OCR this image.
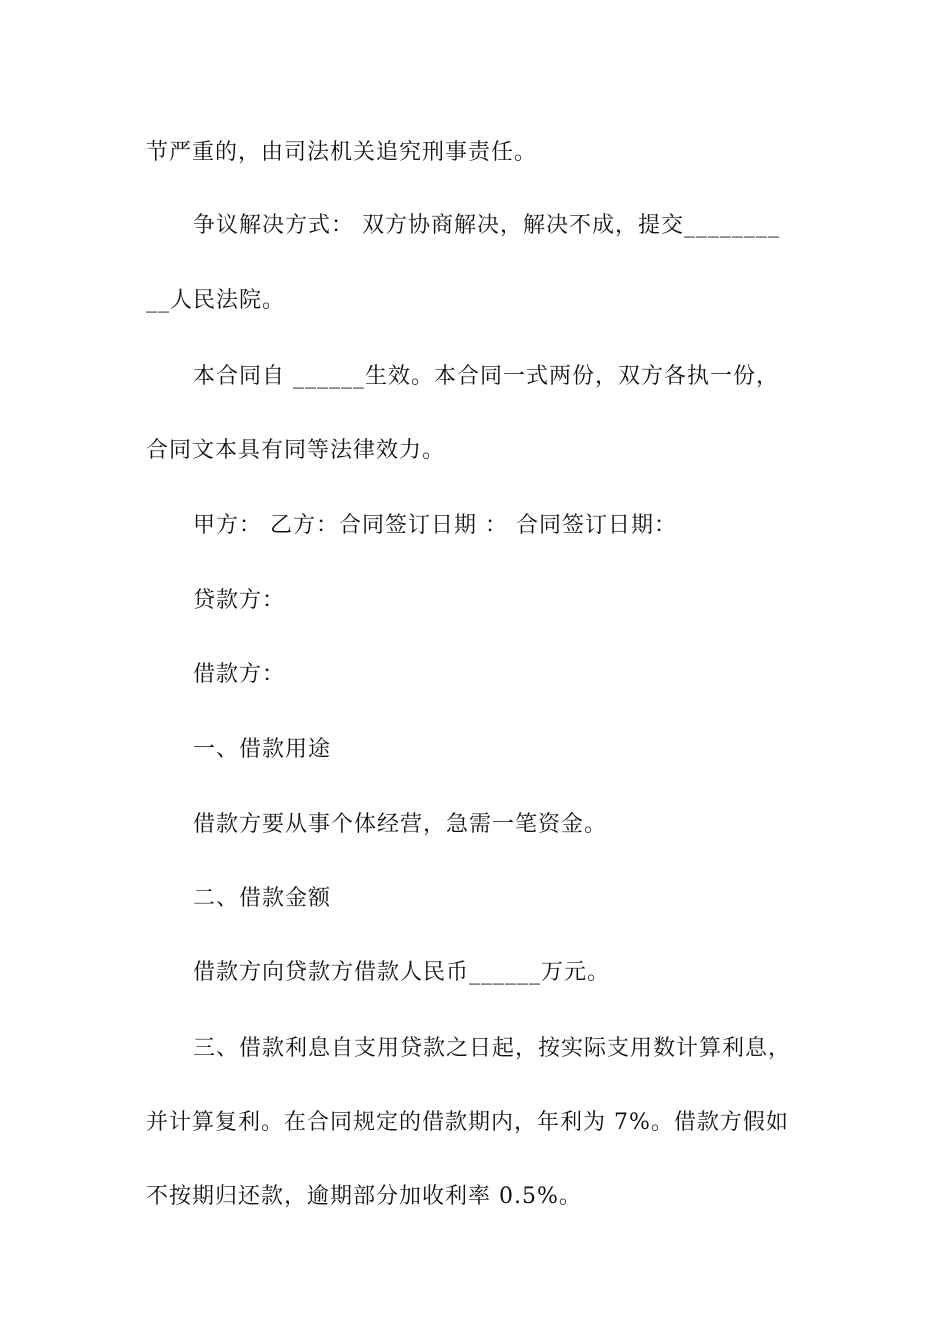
节严重的，由司法机关追究刑事责任。
争议解决方式： 双方协商解决，解决不成，提交________
__人民法院。
本合同自 ______生效。本合同一式两份，双方各执一份，
合同文本具有同等法律效力。
甲方： 乙方：合同签订日期 ： 合同签订日期：
贷款方：
借款方：
一、借款用途
借款方要从事个体经营，急需一笔资金。
二、借款金额
借款方向贷款方借款人民币______万元。
三、借款利息自支用贷款之日起，按实际支用数计算利息，
并计算复利。在合同规定的借款期内，年利为 7%。借款方假如
不按期归还款，逾期部分加收利率 0.5%。
